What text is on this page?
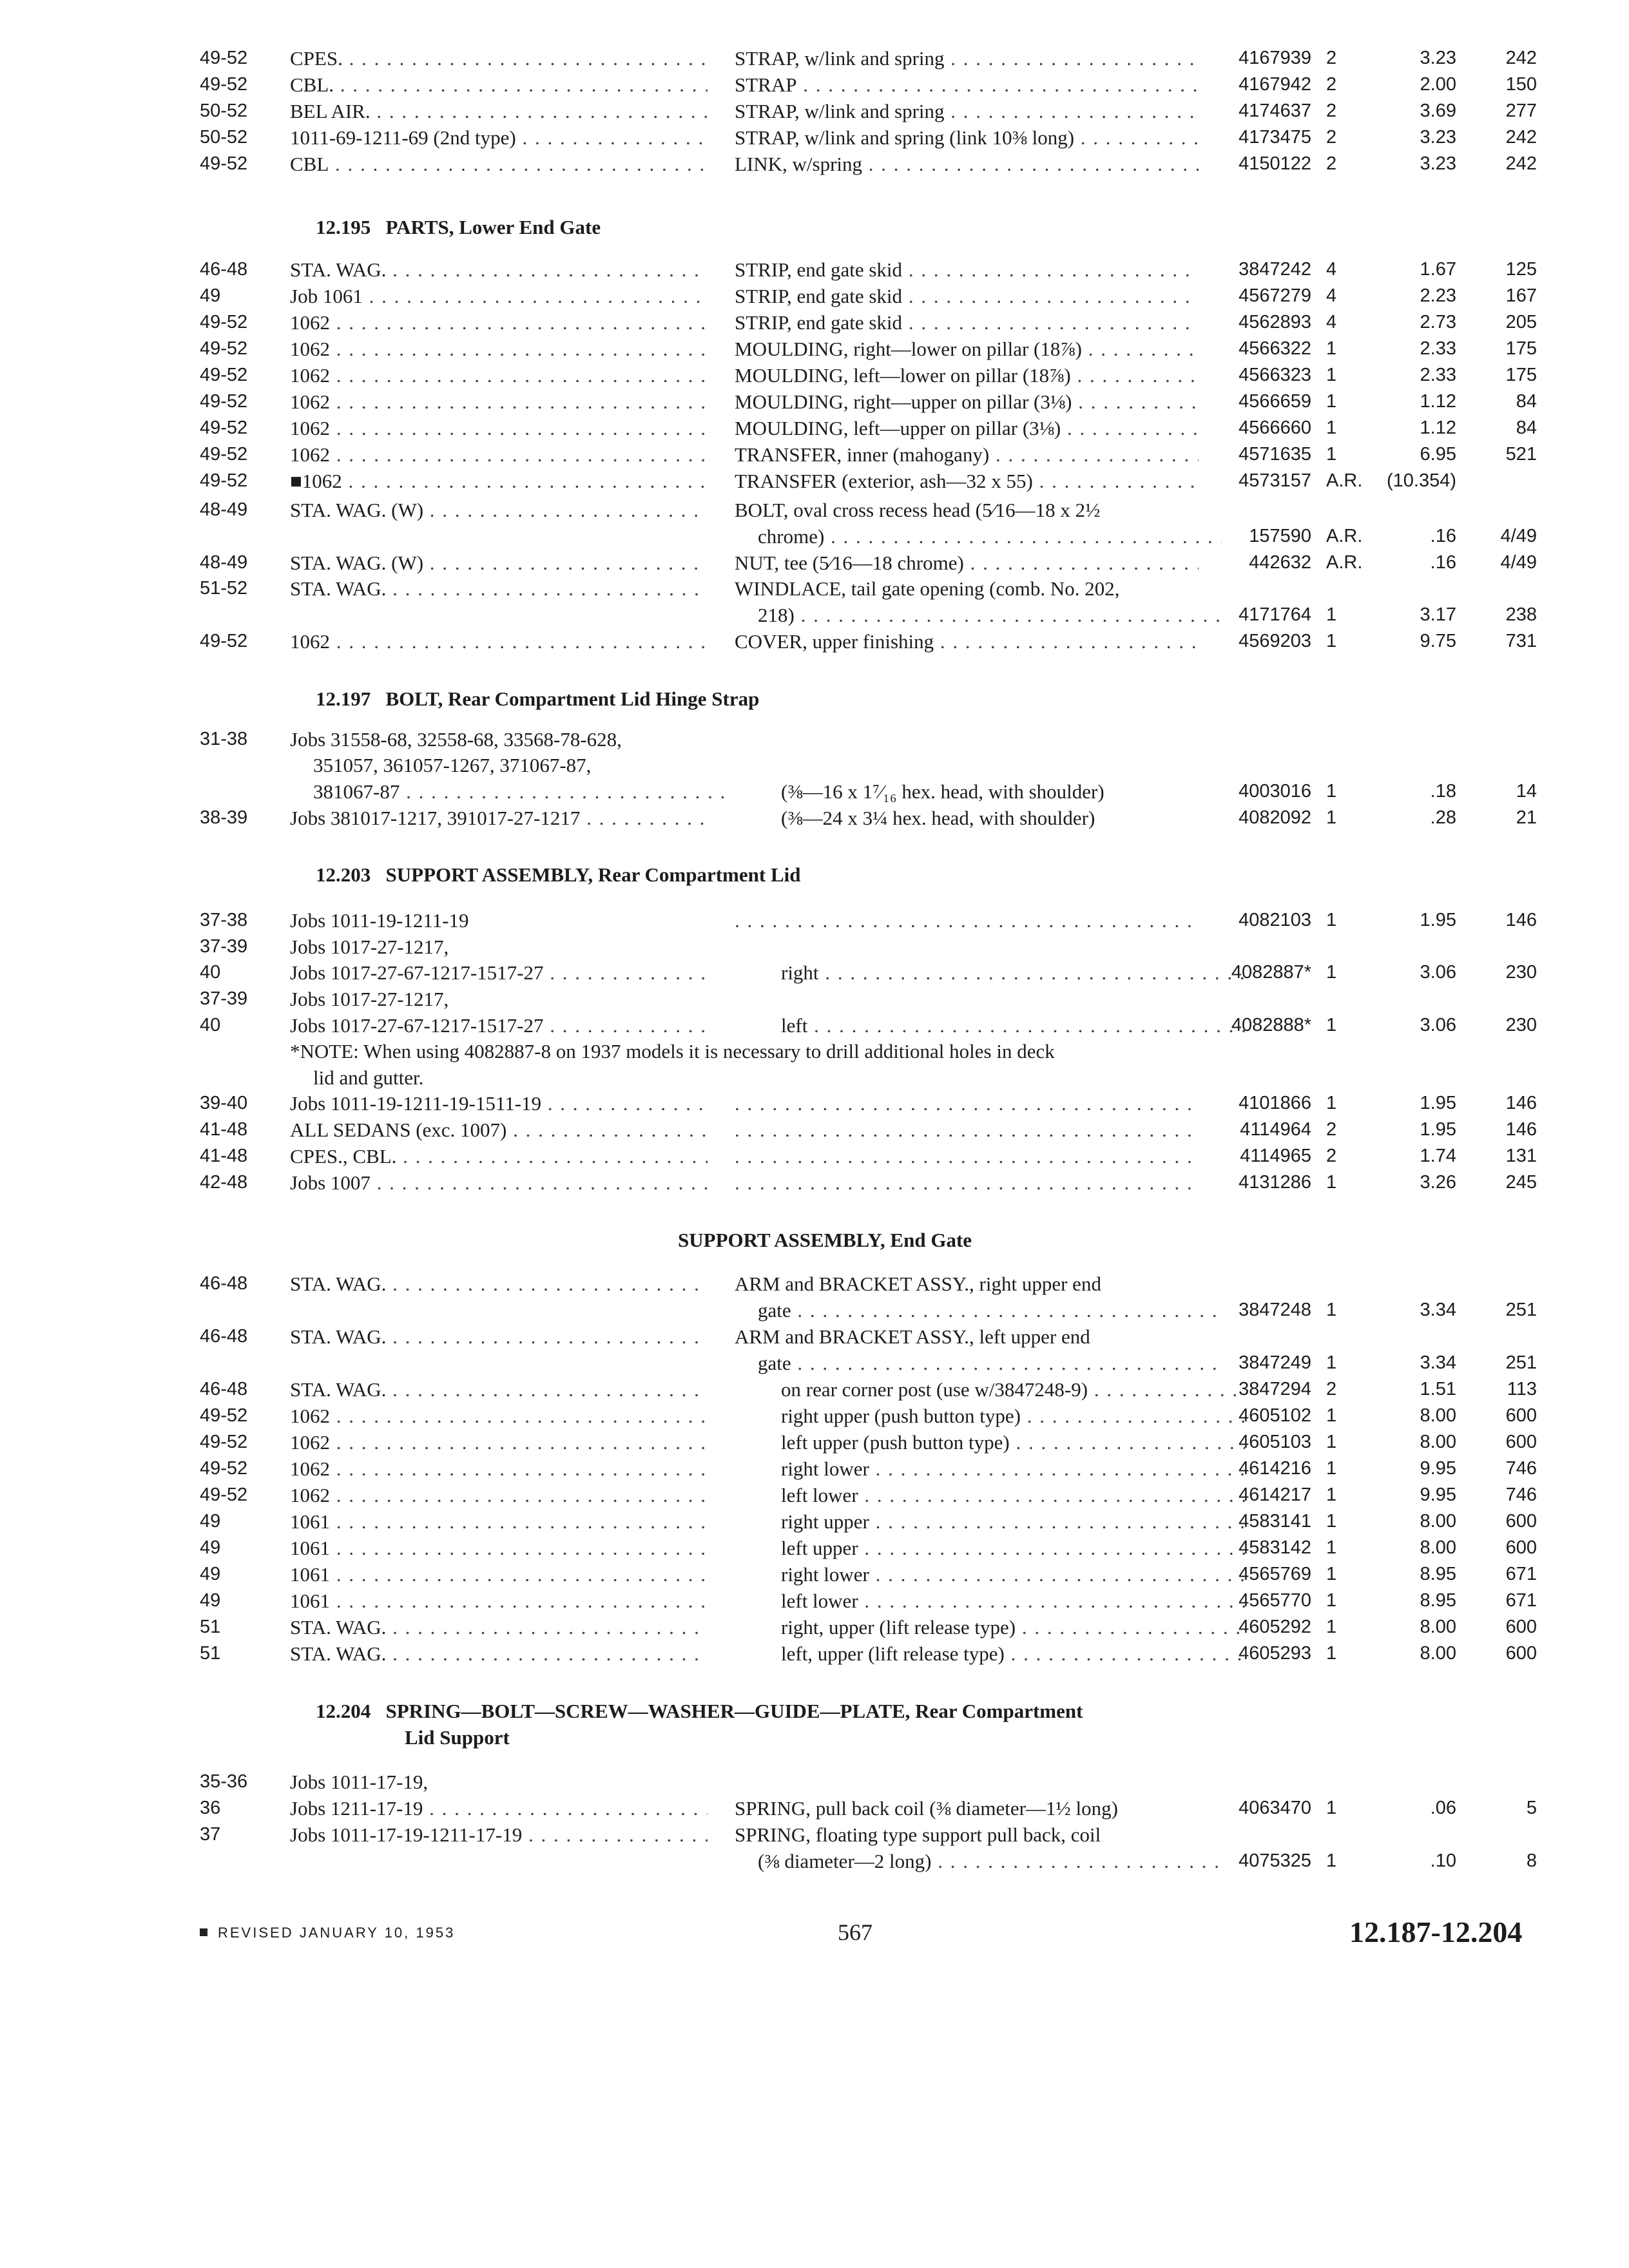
49-52	CPES. . . .	STRAP, w/link and spring . . .	4167939 2	3.23	242
49-52	CBL. . . .	STRAP . . .	4167942 2	2.00	150
50-52	BEL AIR. . . .	STRAP, w/link and spring . . .	4174637 2	3.69	277
50-52	1011-69-1211-69 (2nd type) . . .	STRAP, w/link and spring (link 10⅜ long) . . .	4173475 2	3.23	242
49-52	CBL . . .	LINK, w/spring . . .	4150122 2	3.23	242
12.195 PARTS, Lower End Gate
46-48	STA. WAG. . . .	STRIP, end gate skid . . .	3847242 4	1.67	125
49	Job 1061 . . .	STRIP, end gate skid . . .	4567279 4	2.23	167
49-52	1062 . . .	STRIP, end gate skid . . .	4562893 4	2.73	205
49-52	1062 . . .	MOULDING, right—lower on pillar (18⅞) . . .	4566322 1	2.33	175
49-52	1062 . . .	MOULDING, left—lower on pillar (18⅞) . . .	4566323 1	2.33	175
49-52	1062 . . .	MOULDING, right—upper on pillar (3⅛) . . .	4566659 1	1.12	84
49-52	1062 . . .	MOULDING, left—upper on pillar (3⅛) . . .	4566660 1	1.12	84
49-52	1062 . . .	TRANSFER, inner (mahogany) . . .	4571635 1	6.95	521
49-52	■1062 . . .	TRANSFER (exterior, ash—32 x 55) . . .	4573157 A.R.	(10.354)
48-49	STA. WAG. (W) . . .	BOLT, oval cross recess head (5⁄16—18 x 2½
chrome) . . .	157590 A.R.	.16	4/49
48-49	STA. WAG. (W) . . .	NUT, tee (5⁄16—18 chrome) . . .	442632 A.R.	.16	4/49
51-52	STA. WAG. . . .	WINDLACE, tail gate opening (comb. No. 202,
218) . . .	4171764 1	3.17	238
49-52	1062 . . .	COVER, upper finishing . . .	4569203 1	9.75	731
12.197 BOLT, Rear Compartment Lid Hinge Strap
31-38	Jobs 31558-68, 32558-68, 33568-78-628,
351057, 361057-1267, 371067-87,
381067-87 . . .	(⅜—16 x 1⁷⁄₁₆ hex. head, with shoulder)	4003016 1	.18	14
38-39	Jobs 381017-1217, 391017-27-1217 . . .	(⅜—24 x 3¼ hex. head, with shoulder)	4082092 1	.28	21
12.203 SUPPORT ASSEMBLY, Rear Compartment Lid
37-38	Jobs 1011-19-1211-19 . . .	4082103 1	1.95	146
37-39	Jobs 1017-27-1217,
40	Jobs 1017-27-67-1217-1517-27 . . .	right . . .	4082887* 1	3.06	230
37-39	Jobs 1017-27-1217,
40	Jobs 1017-27-67-1217-1517-27 . . .	left . . .	4082888* 1	3.06	230
*NOTE: When using 4082887-8 on 1937 models it is necessary to drill additional holes in deck
lid and gutter.
39-40	Jobs 1011-19-1211-19-1511-19 . . . . . .	4101866 1	1.95	146
41-48	ALL SEDANS (exc. 1007) . . . . . .	4114964 2	1.95	146
41-48	CPES., CBL. . . . . . .	4114965 2	1.74	131
42-48	Jobs 1007 . . . . . .	4131286 1	3.26	245
SUPPORT ASSEMBLY, End Gate
46-48	STA. WAG. . . .	ARM and BRACKET ASSY., right upper end
gate . . .	3847248 1	3.34	251
46-48	STA. WAG. . . .	ARM and BRACKET ASSY., left upper end
gate . . .	3847249 1	3.34	251
46-48	STA. WAG. . . .	on rear corner post (use w/3847248-9) . . .	3847294 2	1.51	113
49-52	1062 . . .	right upper (push button type) . . .	4605102 1	8.00	600
49-52	1062 . . .	left upper (push button type) . . .	4605103 1	8.00	600
49-52	1062 . . .	right lower . . .	4614216 1	9.95	746
49-52	1062 . . .	left lower . . .	4614217 1	9.95	746
49	1061 . . .	right upper . . .	4583141 1	8.00	600
49	1061 . . .	left upper . . .	4583142 1	8.00	600
49	1061 . . .	right lower . . .	4565769 1	8.95	671
49	1061 . . .	left lower . . .	4565770 1	8.95	671
51	STA. WAG. . . .	right, upper (lift release type) . . .	4605292 1	8.00	600
51	STA. WAG. . . .	left, upper (lift release type) . . .	4605293 1	8.00	600
12.204 SPRING—BOLT—SCREW—WASHER—GUIDE—PLATE, Rear Compartment
Lid Support
35-36	Jobs 1011-17-19,
36	Jobs 1211-17-19 . . .	SPRING, pull back coil (⅜ diameter—1½ long)	4063470 1	.06	5
37	Jobs 1011-17-19-1211-17-19 . . .	SPRING, floating type support pull back, coil
(⅜ diameter—2 long) . . .	4075325 1	.10	8
REVISED JANUARY 10, 1953	567	12.187-12.204
